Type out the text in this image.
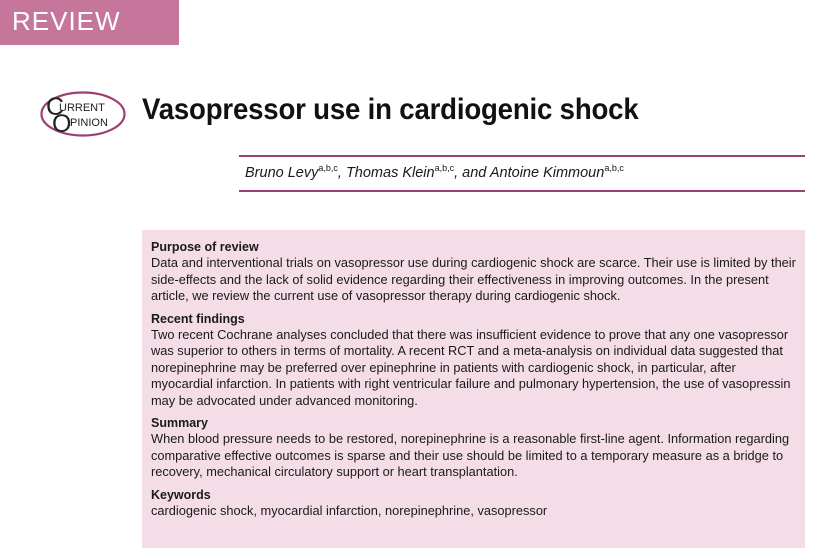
REVIEW
C
URRENT
O
PINION Vasopressor use in cardiogenic shock
Bruno Levy$^{a,b,c}$, Thomas Klein$^{a,b,c}$, and Antoine Kimmoun$^{a,b,c}$

Purpose of review

Data and interventional trials on vasopressor use during cardiogenic shock are scarce. Their use is limited by their side-effects and the lack of solid evidence regarding their effectiveness in improving outcomes. In the present article, we review the current use of vasopressor therapy during cardiogenic shock.

Recent findings

Two recent Cochrane analyses concluded that there was insufficient evidence to prove that any one vasopressor was superior to others in terms of mortality. A recent RCT and a meta-analysis on individual data suggested that norepinephrine may be preferred over epinephrine in patients with cardiogenic shock, in particular, after myocardial infarction. In patients with right ventricular failure and pulmonary hypertension, the use of vasopressin may be advocated under advanced monitoring.

Summary

When blood pressure needs to be restored, norepinephrine is a reasonable first-line agent. Information regarding comparative effective outcomes is sparse and their use should be limited to a temporary measure as a bridge to recovery, mechanical circulatory support or heart transplantation.

Keywords

cardiogenic shock, myocardial infarction, norepinephrine, vasopressor
